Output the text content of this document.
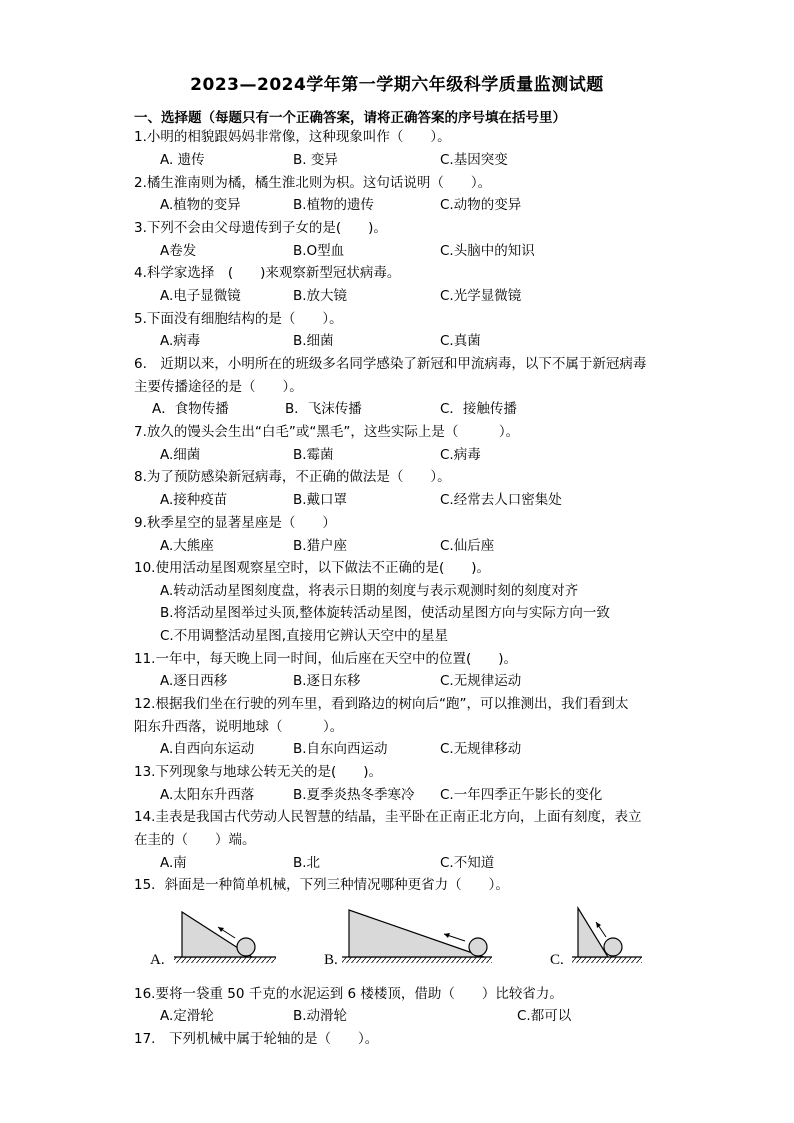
2023—2024学年第一学期六年级科学质量监测试题
一、选择题（每题只有一个正确答案，请将正确答案的序号填在括号里）
1.小明的相貌跟妈妈非常像，这种现象叫作（　　）。
A. 遗传	B. 变异	C.基因突变
2.橘生淮南则为橘，橘生淮北则为枳。这句话说明（　　）。
A.植物的变异	B.植物的遗传	C.动物的变异
3.下列不会由父母遗传到子女的是(　　)。
A卷发	B.O型血	C.头脑中的知识
4.科学家选择　(　　)来观察新型冠状病毒。
A.电子显微镜	B.放大镜	C.光学显微镜
5.下面没有细胞结构的是（　　）。
A.病毒	B.细菌	C.真菌
6.　近期以来，小明所在的班级多名同学感染了新冠和甲流病毒，以下不属于新冠病毒
主要传播途径的是（　　）。
A．食物传播	B．飞沫传播	C．接触传播
7.放久的馒头会生出“白毛”或“黑毛”，这些实际上是（　　　）。
A.细菌	B.霉菌	C.病毒
8.为了预防感染新冠病毒，不正确的做法是（　　）。
A.接种疫苗	B.戴口罩	C.经常去人口密集处
9.秋季星空的显著星座是（　　）
A.大熊座	B.猎户座	C.仙后座
10.使用活动星图观察星空时，以下做法不正确的是(　　)。
A.转动活动星图刻度盘，将表示日期的刻度与表示观测时刻的刻度对齐
B.将活动星图举过头顶,整体旋转活动星图，使活动星图方向与实际方向一致
C.不用调整活动星图,直接用它辨认天空中的星星
11.一年中，每天晚上同一时间，仙后座在天空中的位置(　　)。
A.逐日西移	B.逐日东移	C.无规律运动
12.根据我们坐在行驶的列车里，看到路边的树向后“跑”，可以推测出，我们看到太
阳东升西落，说明地球（　　　）。
A.自西向东运动	B.自东向西运动	C.无规律移动
13.下列现象与地球公转无关的是(　　)。
A.太阳东升西落	B.夏季炎热冬季寒冷 C.一年四季正午影长的变化
14.圭表是我国古代劳动人民智慧的结晶，圭平卧在正南正北方向，上面有刻度，表立
在圭的（　　）端。
A.南	B.北	C.不知道
15．斜面是一种简单机械，下列三种情况哪种更省力（　　）。
A.	B.	C.
16.要将一袋重 50 千克的水泥运到 6 楼楼顶，借助（　　）比较省力。
A.定滑轮	B.动滑轮	C.都可以
17.　下列机械中属于轮轴的是（　　）。
